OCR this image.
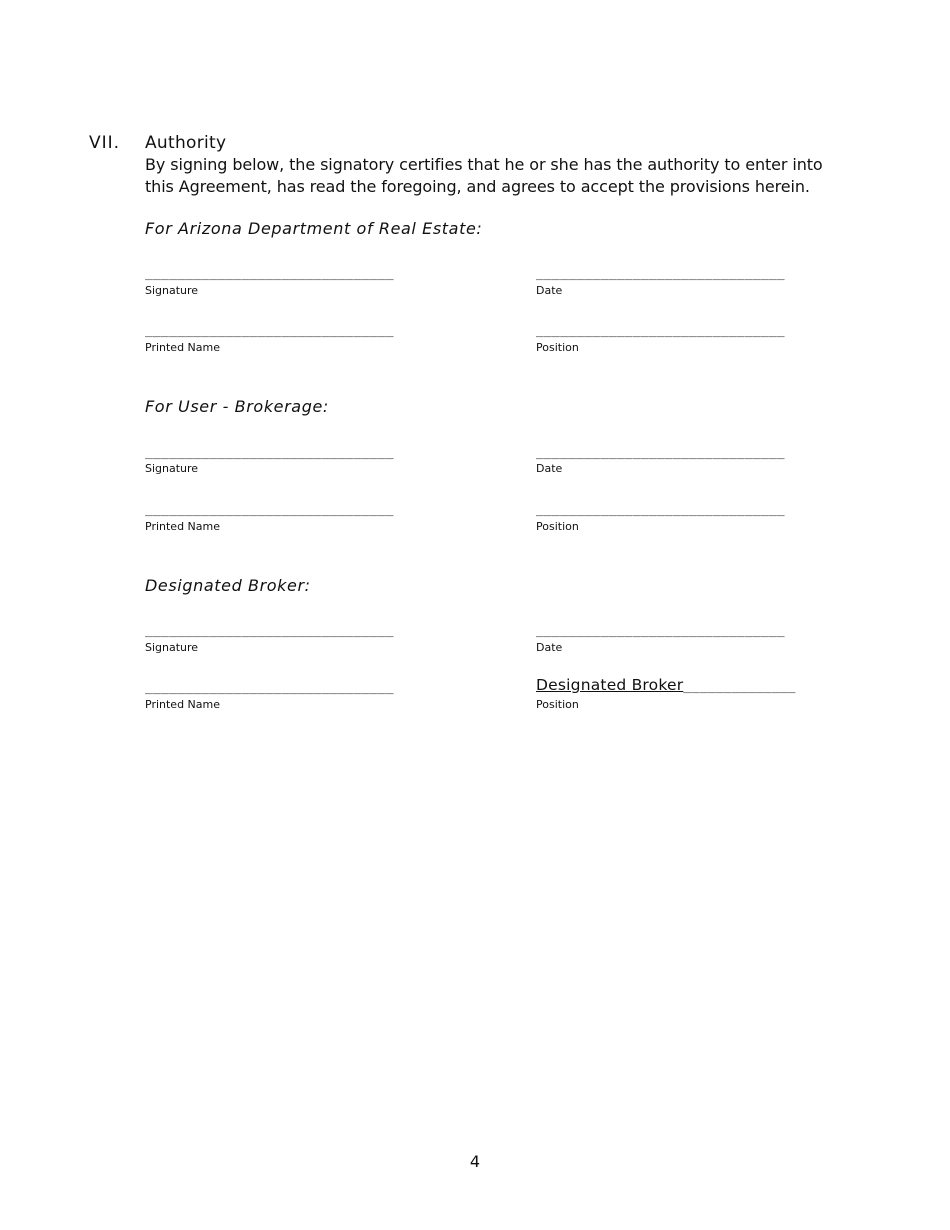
VII. Authority
By signing below, the signatory certifies that he or she has the authority to enter into this Agreement, has read the foregoing, and agrees to accept the provisions herein.
For Arizona Department of Real Estate:
_______________________________
Signature
_______________________________
Date
_______________________________
Printed Name
_______________________________
Position
For User - Brokerage:
_______________________________
Signature
_______________________________
Date
_______________________________
Printed Name
_______________________________
Position
Designated Broker:
_______________________________
Signature
_______________________________
Date
_______________________________
Printed Name
Designated Broker______________
Position
4
